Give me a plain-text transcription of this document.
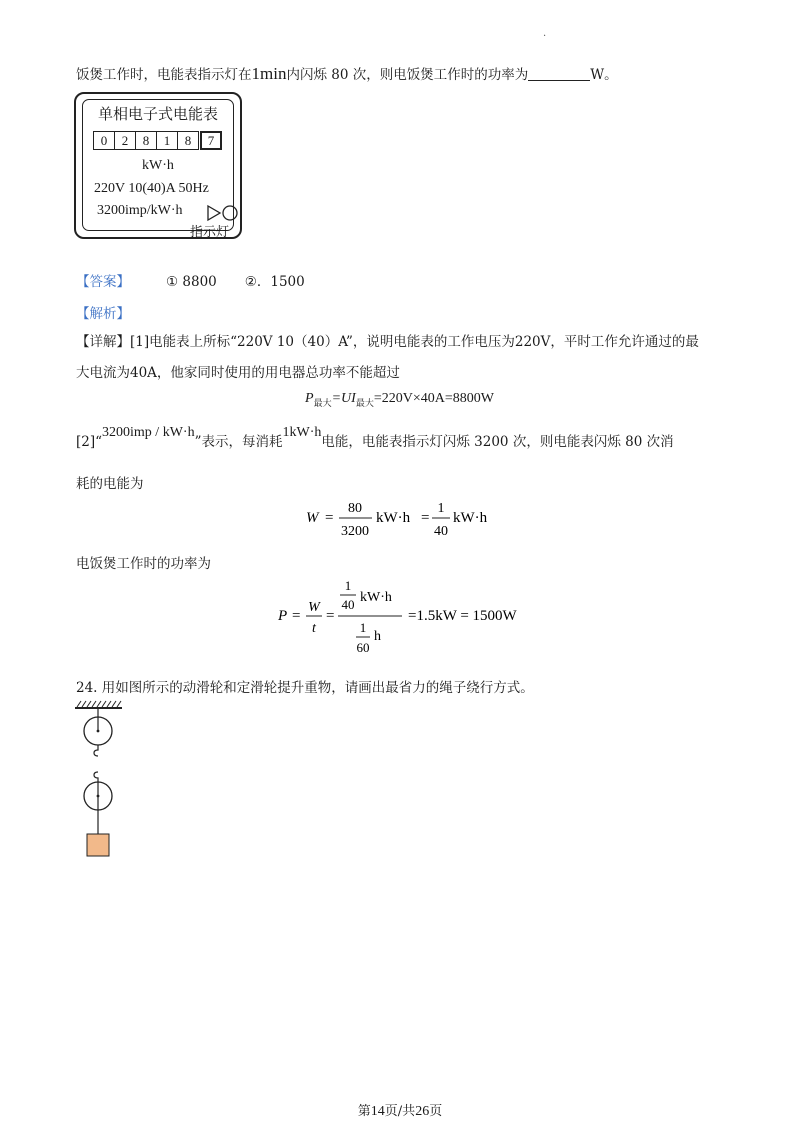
.
饭煲工作时，电能表指示灯在1min内闪烁 80 次，则电饭煲工作时的功率为	W。
单相电子式电能表
0	2	8	1	8	7
kW·h
220V 10(40)A 50Hz
3200imp/kW·h
指示灯
【答案】	① 8800 ②．1500
【解析】
【详解】[1]电能表上所标“220V 10（40）A”，说明电能表的工作电压为220V，平时工作允许通过的最
大电流为40A，他家同时使用的用电器总功率不能超过
$P_{最大}=UI_{最大}=220V\times 40A=8800W$
[2]“3200imp / kW·h”表示，每消耗1kW·h电能，电能表指示灯闪烁 3200 次，则电能表闪烁 80 次消
耗的电能为
W =
80
3200
kW·h =
1
40
kW·h
电饭煲工作时的功率为
P =
W
t
=
1
40 kW·h
1
60
h
=1.5kW = 1500W
24. 用如图所示的动滑轮和定滑轮提升重物，请画出最省力的绳子绕行方式。
第14页/共26页
